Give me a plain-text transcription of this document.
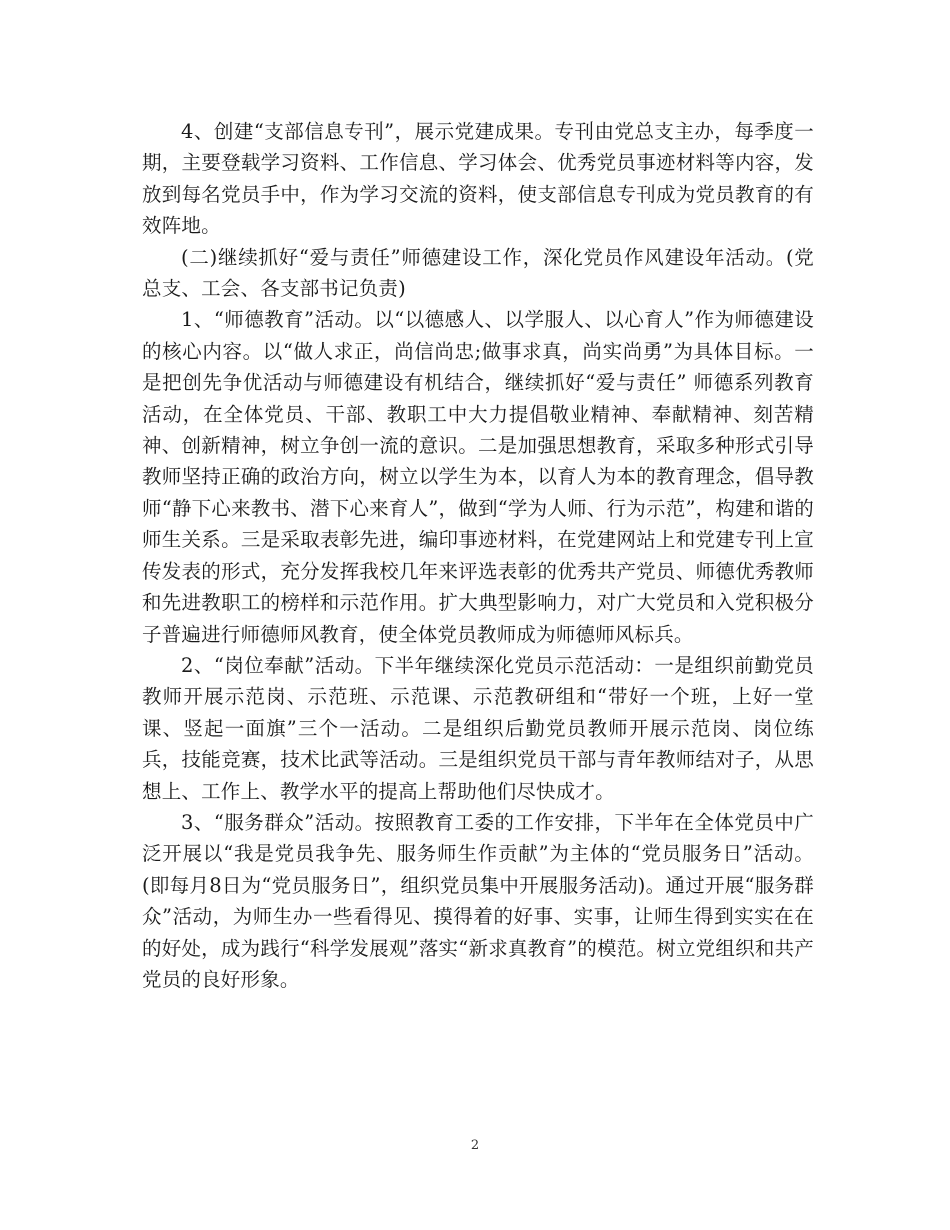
4、创建“支部信息专刊”，展示党建成果。专刊由党总支主办，每季度一期，主要登载学习资料、工作信息、学习体会、优秀党员事迹材料等内容，发放到每名党员手中，作为学习交流的资料，使支部信息专刊成为党员教育的有效阵地。

(二)继续抓好“爱与责任”师德建设工作，深化党员作风建设年活动。(党总支、工会、各支部书记负责)

1、“师德教育”活动。以“以德感人、以学服人、以心育人”作为师德建设的核心内容。以“做人求正，尚信尚忠;做事求真，尚实尚勇”为具体目标。一是把创先争优活动与师德建设有机结合，继续抓好“爱与责任” 师德系列教育活动，在全体党员、干部、教职工中大力提倡敬业精神、奉献精神、刻苦精神、创新精神，树立争创一流的意识。二是加强思想教育，采取多种形式引导教师坚持正确的政治方向，树立以学生为本，以育人为本的教育理念，倡导教师“静下心来教书、潜下心来育人”，做到“学为人师、行为示范”，构建和谐的师生关系。三是采取表彰先进，编印事迹材料，在党建网站上和党建专刊上宣传发表的形式，充分发挥我校几年来评选表彰的优秀共产党员、师德优秀教师和先进教职工的榜样和示范作用。扩大典型影响力，对广大党员和入党积极分子普遍进行师德师风教育，使全体党员教师成为师德师风标兵。

2、“岗位奉献”活动。下半年继续深化党员示范活动：一是组织前勤党员教师开展示范岗、示范班、示范课、示范教研组和“带好一个班，上好一堂课、竖起一面旗”三个一活动。二是组织后勤党员教师开展示范岗、岗位练兵，技能竞赛，技术比武等活动。三是组织党员干部与青年教师结对子，从思想上、工作上、教学水平的提高上帮助他们尽快成才。

3、“服务群众”活动。按照教育工委的工作安排，下半年在全体党员中广泛开展以“我是党员我争先、服务师生作贡献”为主体的“党员服务日”活动。(即每月8日为“党员服务日”，组织党员集中开展服务活动)。通过开展“服务群众”活动，为师生办一些看得见、摸得着的好事、实事，让师生得到实实在在的好处，成为践行“科学发展观”落实“新求真教育”的模范。树立党组织和共产党员的良好形象。

2
